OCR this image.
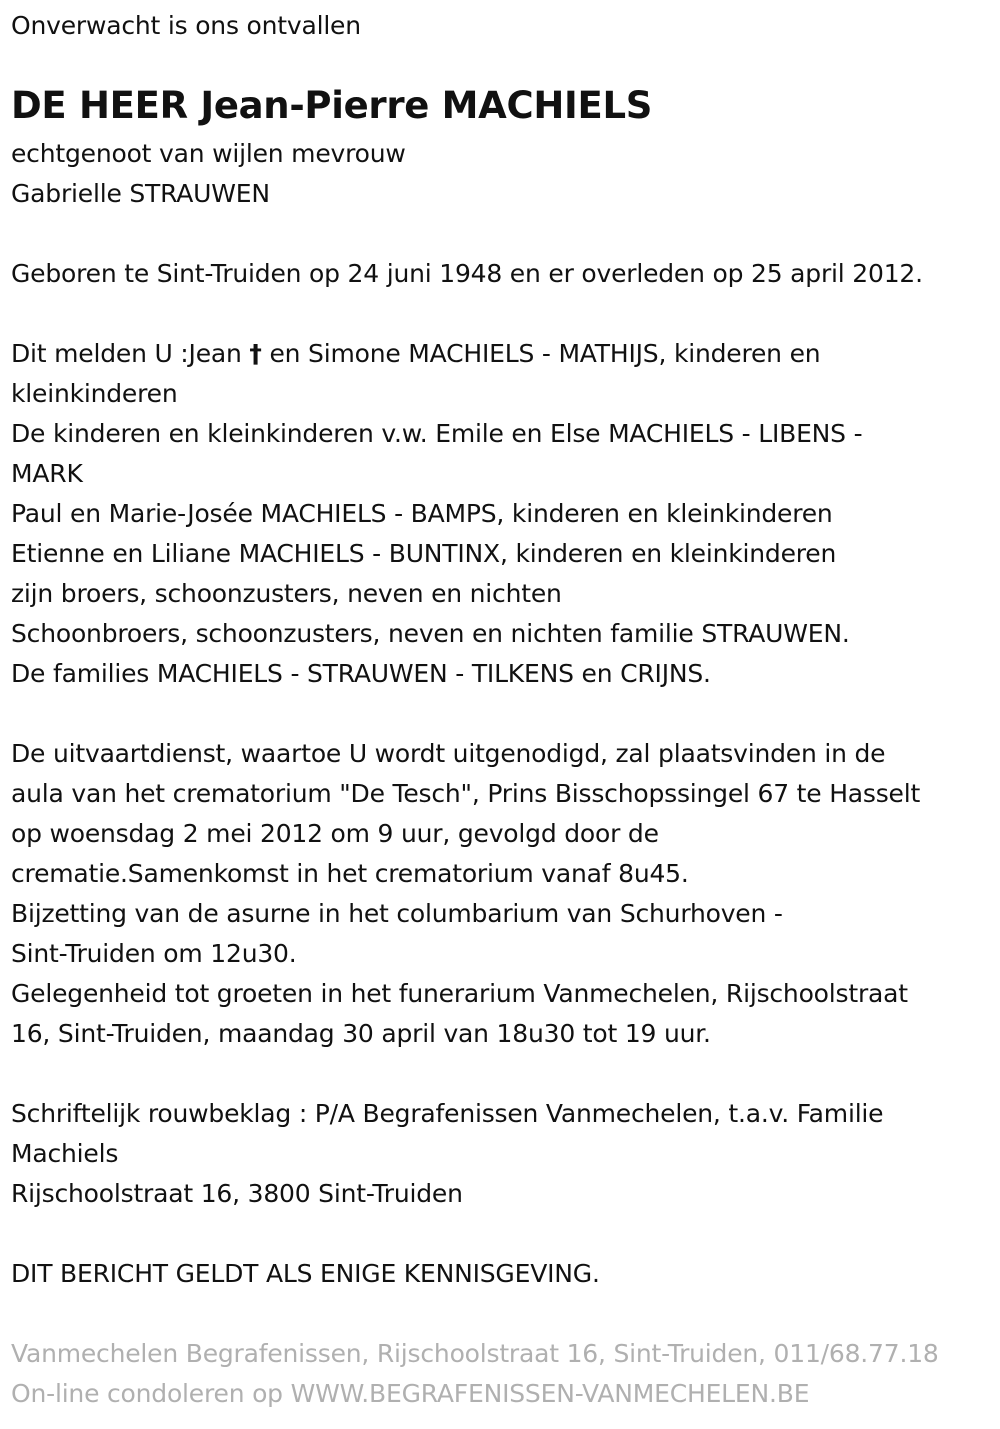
Onverwacht is ons ontvallen
DE HEER Jean-Pierre MACHIELS
echtgenoot van wijlen mevrouw
Gabrielle STRAUWEN
Geboren te Sint-Truiden op 24 juni 1948 en er overleden op 25 april 2012.
Dit melden U :Jean † en Simone MACHIELS - MATHIJS, kinderen en
kleinkinderen
De kinderen en kleinkinderen v.w. Emile en Else MACHIELS - LIBENS -
MARK
Paul en Marie-Josée MACHIELS - BAMPS, kinderen en kleinkinderen
Etienne en Liliane MACHIELS - BUNTINX, kinderen en kleinkinderen
zijn broers, schoonzusters, neven en nichten
Schoonbroers, schoonzusters, neven en nichten familie STRAUWEN.
De families MACHIELS - STRAUWEN - TILKENS en CRIJNS.
De uitvaartdienst, waartoe U wordt uitgenodigd, zal plaatsvinden in de
aula van het crematorium "De Tesch", Prins Bisschopssingel 67 te Hasselt
op woensdag 2 mei 2012 om 9 uur, gevolgd door de
crematie.Samenkomst in het crematorium vanaf 8u45.
Bijzetting van de asurne in het columbarium van Schurhoven -
Sint-Truiden om 12u30.
Gelegenheid tot groeten in het funerarium Vanmechelen, Rijschoolstraat
16, Sint-Truiden, maandag 30 april van 18u30 tot 19 uur.
Schriftelijk rouwbeklag : P/A Begrafenissen Vanmechelen, t.a.v. Familie
Machiels
Rijschoolstraat 16, 3800 Sint-Truiden
DIT BERICHT GELDT ALS ENIGE KENNISGEVING.
Vanmechelen Begrafenissen, Rijschoolstraat 16, Sint-Truiden, 011/68.77.18
On-line condoleren op WWW.BEGRAFENISSEN-VANMECHELEN.BE
